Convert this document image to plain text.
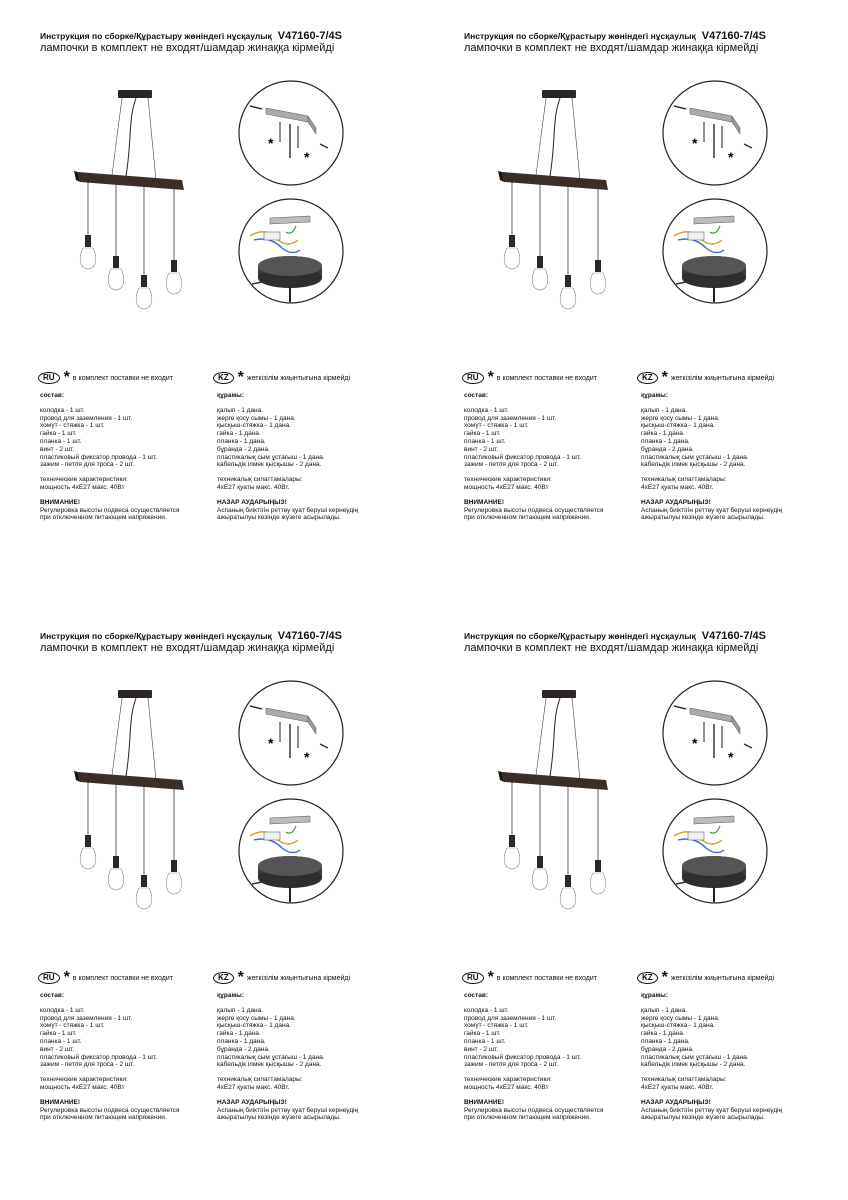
Инструкция по сборке/Құрастыру жөніндегі нұсқаулық V47160-7/4S
лампочки в комплект не входят/шамдар жинаққа кірмейді
*
*
RU * в комплект поставки не входит	KZ * жеткізілім жиынтығына кірмейді
состав:
колодка - 1 шт.
провод для заземления - 1 шт.
хомут - стяжка - 1 шт.
гайка - 1 шт.
планка - 1 шт.
винт - 2 шт.
пластиковый фиксатор провода - 1 шт.
зажим - петля для троса - 2 шт.
технические характеристики:
мощность 4хЕ27 макс. 40Вт
ВНИМАНИЕ!
Регулировка высоты подвеса осуществляется
при отключенном питающем напряжении.
құрамы:
қалып - 1 дана.
жерге қосу сымы - 1 дана.
қысқыш-стяжка - 1 дана.
гайка - 1 дана.
планка - 1 дана.
бұранда - 2 дана.
пластикалық сым ұстағыш - 1 дана.
кабельдік ілмек қысқышы - 2 дана.
техникалық сипаттамалары:
4хЕ27 қуаты макс. 40Вт.
НАЗАР АУДАРЫҢЫЗ!
Аспаның биіктігін реттеу қуат беруші кернеудің
ажыратылуы кезінде жүзеге асырылады.
Инструкция по сборке/Құрастыру жөніндегі нұсқаулық V47160-7/4S
лампочки в комплект не входят/шамдар жинаққа кірмейді
*
*
RU * в комплект поставки не входит	KZ * жеткізілім жиынтығына кірмейді
состав:
колодка - 1 шт.
провод для заземления - 1 шт.
хомут - стяжка - 1 шт.
гайка - 1 шт.
планка - 1 шт.
винт - 2 шт.
пластиковый фиксатор провода - 1 шт.
зажим - петля для троса - 2 шт.
технические характеристики:
мощность 4хЕ27 макс. 40Вт
ВНИМАНИЕ!
Регулировка высоты подвеса осуществляется
при отключенном питающем напряжении.
құрамы:
қалып - 1 дана.
жерге қосу сымы - 1 дана.
қысқыш-стяжка - 1 дана.
гайка - 1 дана.
планка - 1 дана.
бұранда - 2 дана.
пластикалық сым ұстағыш - 1 дана.
кабельдік ілмек қысқышы - 2 дана.
техникалық сипаттамалары:
4хЕ27 қуаты макс. 40Вт.
НАЗАР АУДАРЫҢЫЗ!
Аспаның биіктігін реттеу қуат беруші кернеудің
ажыратылуы кезінде жүзеге асырылады.
Инструкция по сборке/Құрастыру жөніндегі нұсқаулық V47160-7/4S
лампочки в комплект не входят/шамдар жинаққа кірмейді
*
*
RU * в комплект поставки не входит	KZ * жеткізілім жиынтығына кірмейді
состав:
колодка - 1 шт.
провод для заземления - 1 шт.
хомут - стяжка - 1 шт.
гайка - 1 шт.
планка - 1 шт.
винт - 2 шт.
пластиковый фиксатор провода - 1 шт.
зажим - петля для троса - 2 шт.
технические характеристики:
мощность 4хЕ27 макс. 40Вт
ВНИМАНИЕ!
Регулировка высоты подвеса осуществляется
при отключенном питающем напряжении.
құрамы:
қалып - 1 дана.
жерге қосу сымы - 1 дана.
қысқыш-стяжка - 1 дана.
гайка - 1 дана.
планка - 1 дана.
бұранда - 2 дана.
пластикалық сым ұстағыш - 1 дана.
кабельдік ілмек қысқышы - 2 дана.
техникалық сипаттамалары:
4хЕ27 қуаты макс. 40Вт.
НАЗАР АУДАРЫҢЫЗ!
Аспаның биіктігін реттеу қуат беруші кернеудің
ажыратылуы кезінде жүзеге асырылады.
Инструкция по сборке/Құрастыру жөніндегі нұсқаулық V47160-7/4S
лампочки в комплект не входят/шамдар жинаққа кірмейді
*
*
RU * в комплект поставки не входит	KZ * жеткізілім жиынтығына кірмейді
состав:
колодка - 1 шт.
провод для заземления - 1 шт.
хомут - стяжка - 1 шт.
гайка - 1 шт.
планка - 1 шт.
винт - 2 шт.
пластиковый фиксатор провода - 1 шт.
зажим - петля для троса - 2 шт.
технические характеристики:
мощность 4хЕ27 макс. 40Вт
ВНИМАНИЕ!
Регулировка высоты подвеса осуществляется
при отключенном питающем напряжении.
құрамы:
қалып - 1 дана.
жерге қосу сымы - 1 дана.
қысқыш-стяжка - 1 дана.
гайка - 1 дана.
планка - 1 дана.
бұранда - 2 дана.
пластикалық сым ұстағыш - 1 дана.
кабельдік ілмек қысқышы - 2 дана.
техникалық сипаттамалары:
4хЕ27 қуаты макс. 40Вт.
НАЗАР АУДАРЫҢЫЗ!
Аспаның биіктігін реттеу қуат беруші кернеудің
ажыратылуы кезінде жүзеге асырылады.
